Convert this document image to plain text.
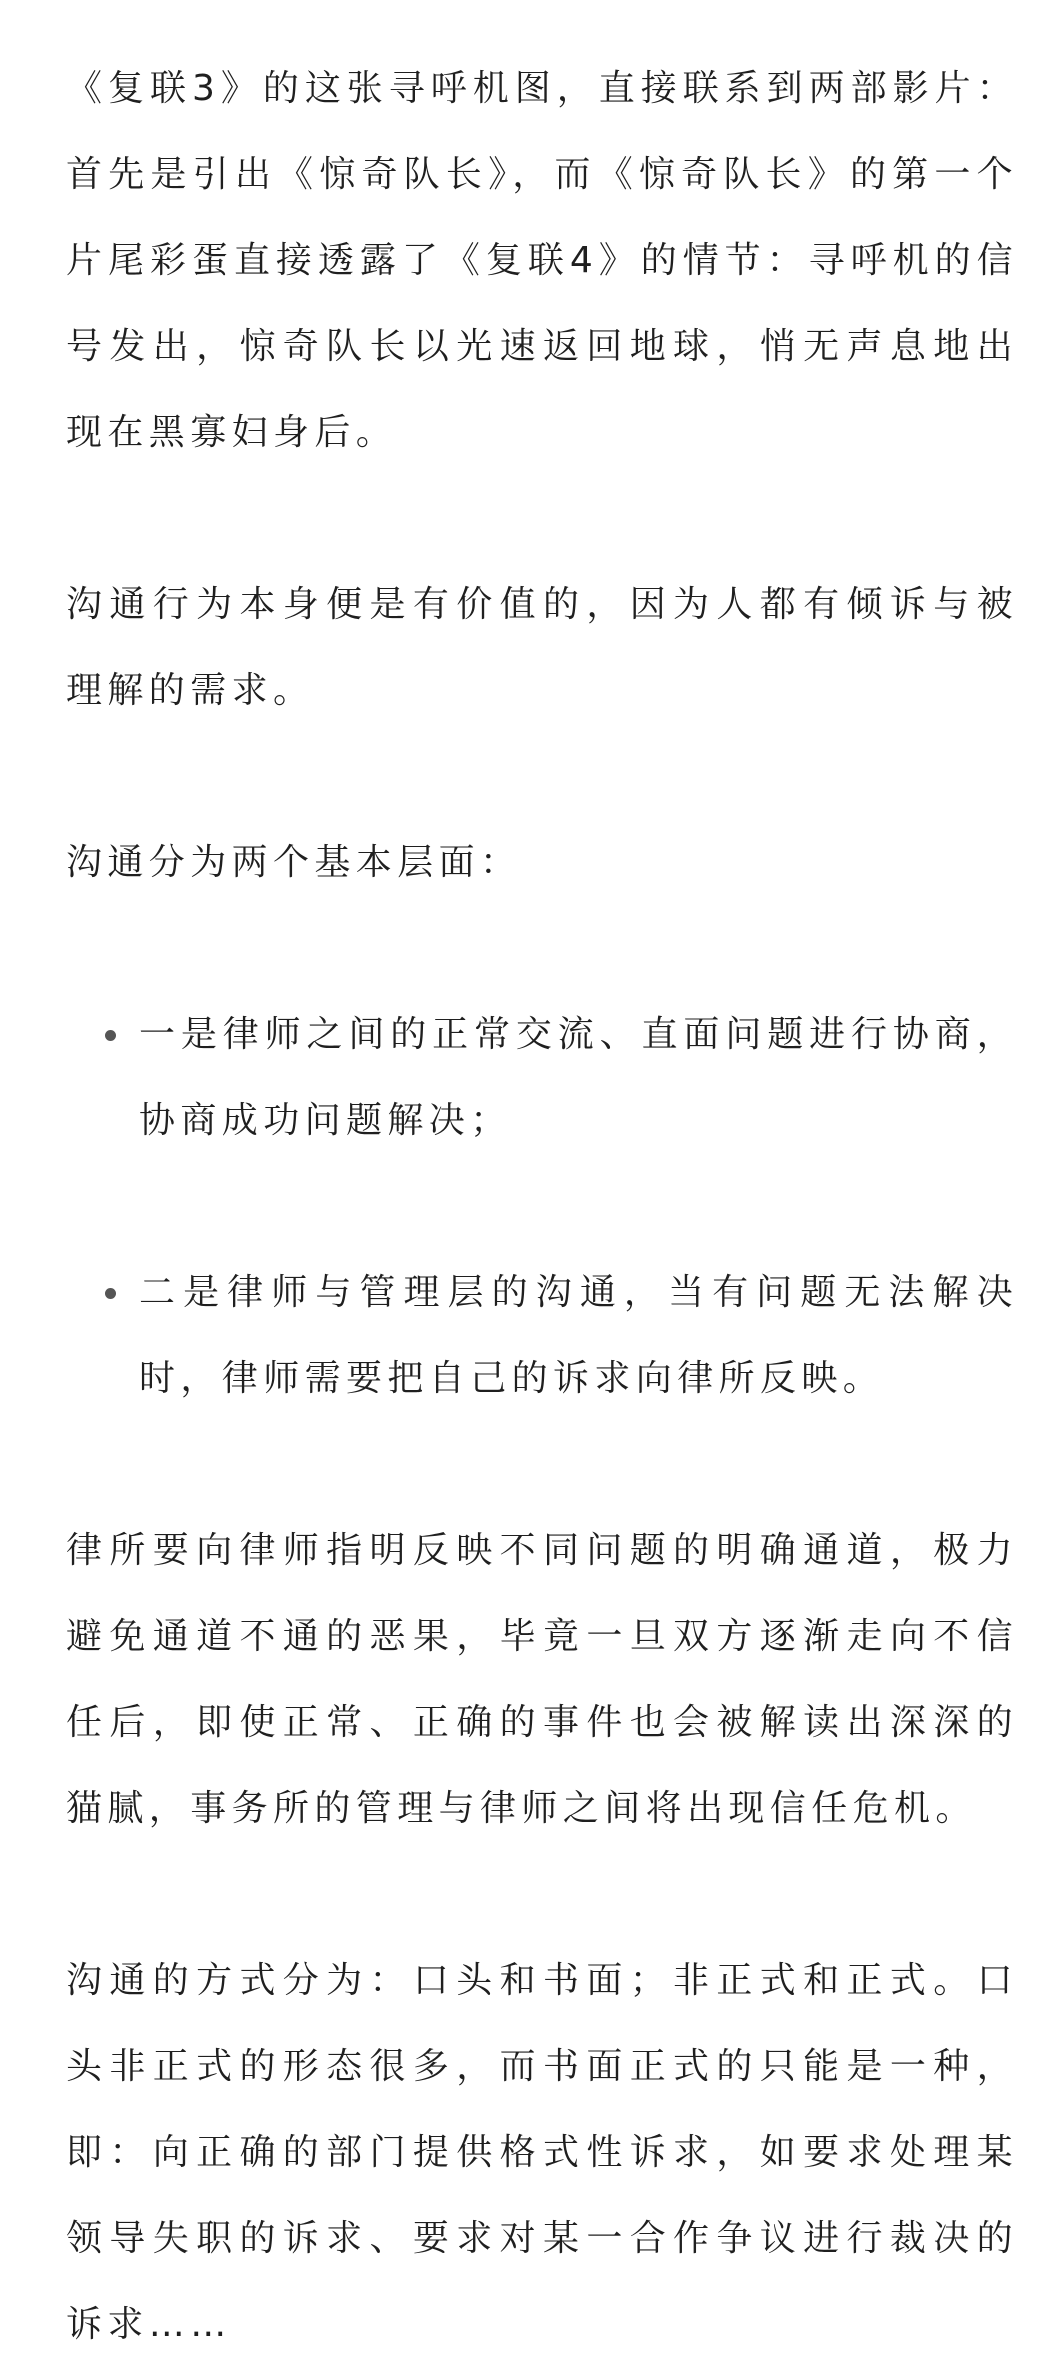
《复联3》的这张寻呼机图，直接联系到两部影片：首先是引出《惊奇队长》，而《惊奇队长》的第一个片尾彩蛋直接透露了《复联4》的情节：寻呼机的信号发出，惊奇队长以光速返回地球，悄无声息地出现在黑寡妇身后。

沟通行为本身便是有价值的，因为人都有倾诉与被理解的需求。

沟通分为两个基本层面：

一是律师之间的正常交流、直面问题进行协商，协商成功问题解决；
二是律师与管理层的沟通，当有问题无法解决时，律师需要把自己的诉求向律所反映。

律所要向律师指明反映不同问题的明确通道，极力避免通道不通的恶果，毕竟一旦双方逐渐走向不信任后，即使正常、正确的事件也会被解读出深深的猫腻，事务所的管理与律师之间将出现信任危机。

沟通的方式分为：口头和书面；非正式和正式。口头非正式的形态很多，而书面正式的只能是一种，即：向正确的部门提供格式性诉求，如要求处理某领导失职的诉求、要求对某一合作争议进行裁决的诉求……
